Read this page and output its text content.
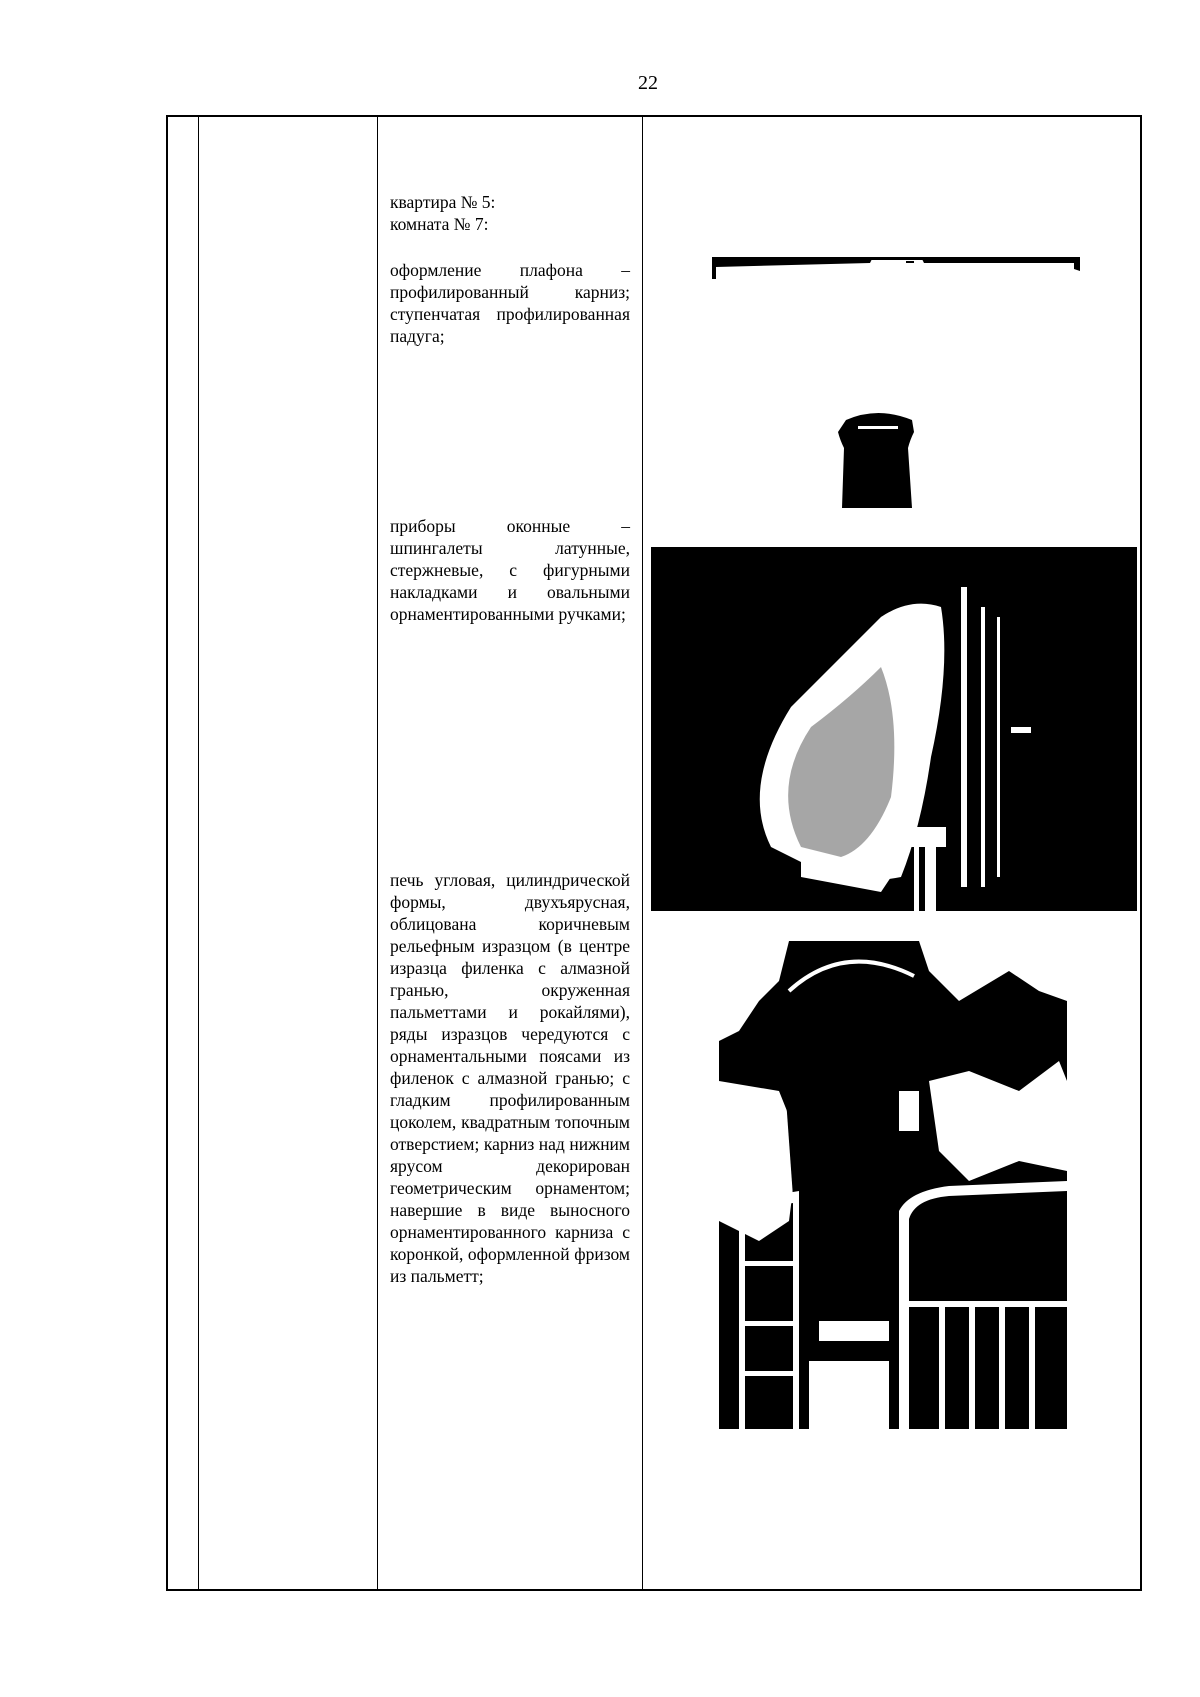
22

квартира № 5:

комната № 7:

оформление плафона – профилированный карниз; ступенчатая профилированная падуга;
приборы оконные – шпингалеты латунные, стержневые, с фигурными накладками и овальными орнаментированными ручками;
печь угловая, цилиндрической формы, двухъярусная, облицована коричневым рельефным изразцом (в центре изразца филенка с алмазной гранью, окруженная пальметтами и рокайлями), ряды изразцов чередуются с орнаментальными поясами из филенок с алмазной гранью; с гладким профилированным цоколем, квадратным топочным отверстием; карниз над нижним ярусом декорирован геометрическим орнаментом; навершие в виде выносного орнаментированного карниза с коронкой, оформленной фризом из пальметт;
